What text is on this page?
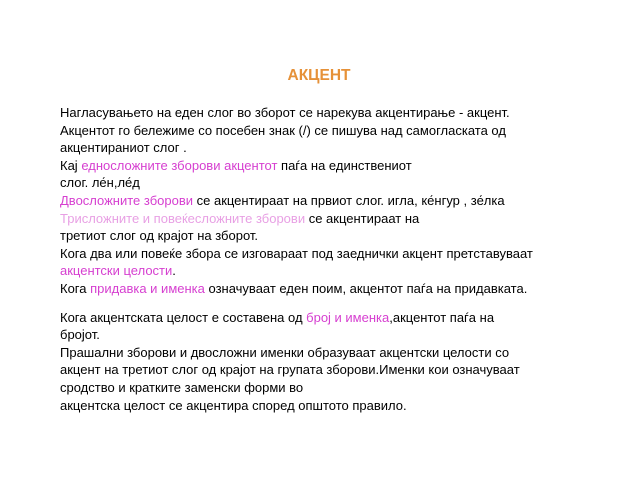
АКЦЕНТ
Нагласувањето на еден слог во зборот се нарекува акцентирање - акцент.
Акцентот го бележиме со посебен знак (/) се пишува над самогласката од
акцентираниот слог .
Кај едносложните зборови акцентот паѓа на единствениот
слог. ле́н,ле́д
Двосложните зборови се акцентираат на првиот слог. игла, ке́нгур , зе́лка
Трисложните и повеќесложните зборови се акцентираат на
третиот слог од крајот на зборот.
Кога два или повеќе збора се изговараат под заеднички акцент претставуваат
акцентски целости.
Кога придавка и именка означуваат еден поим, акцентот паѓа на придавката.
Кога акцентската целост е составена од број и именка,акцентот паѓа на
бројот.
Прашални зборови и двосложни именки образуваат акцентски целости со
акцент на третиот слог од крајот на групата зборови.Именки кои означуваат
сродство и кратките заменски форми во
акцентска целост се акцентира според општото правило.
